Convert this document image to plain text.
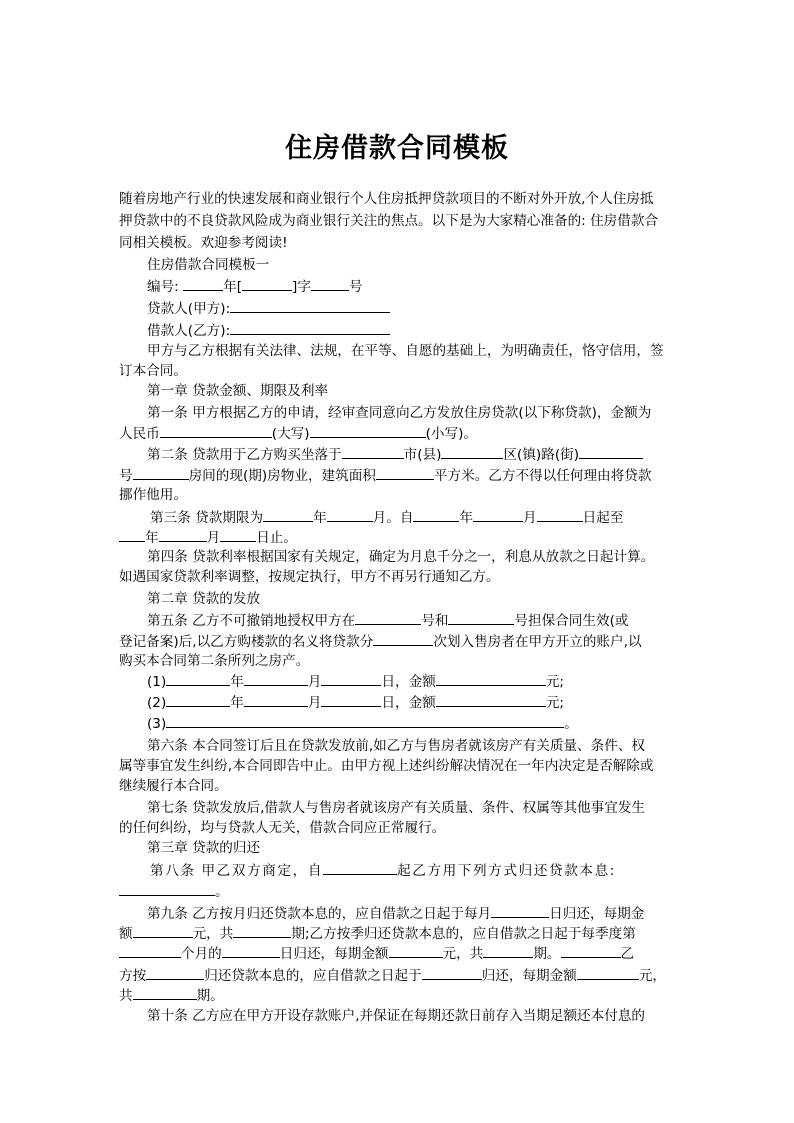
住房借款合同模板
随着房地产行业的快速发展和商业银行个人住房抵押贷款项目的不断对外开放,个人住房抵
押贷款中的不良贷款风险成为商业银行关注的焦点。以下是为大家精心准备的: 住房借款合
同相关模板。欢迎参考阅读!
住房借款合同模板一
编号:	年[	]字	号
贷款人(甲方):
借款人(乙方):
甲方与乙方根据有关法律、法规，在平等、自愿的基础上，为明确责任，恪守信用，签
订本合同。
第一章 贷款金额、期限及利率
第一条 甲方根据乙方的申请，经审查同意向乙方发放住房贷款(以下称贷款)，金额为
人民币	(大写)	(小写)。
第二条 贷款用于乙方购买坐落于	市(县)	区(镇)路(街)
号	房间的现(期)房物业，建筑面积	平方米。乙方不得以任何理由将贷款
挪作他用。
第三条 贷款期限为	年	月。自	年	月	日起至
年	月	日止。
第四条 贷款利率根据国家有关规定，确定为月息千分之一，利息从放款之日起计算。
如遇国家贷款利率调整，按规定执行，甲方不再另行通知乙方。
第二章 贷款的发放
第五条 乙方不可撤销地授权甲方在	号和	号担保合同生效(或
登记备案)后,以乙方购楼款的名义将贷款分	次划入售房者在甲方开立的账户,以
购买本合同第二条所列之房产。
(1)	年	月	日，金额	元;
(2)	年	月	日，金额	元;
(3)	。
第六条 本合同签订后且在贷款发放前,如乙方与售房者就该房产有关质量、条件、权
属等事宜发生纠纷,本合同即告中止。由甲方视上述纠纷解决情况在一年内决定是否解除或
继续履行本合同。
第七条 贷款发放后,借款人与售房者就该房产有关质量、条件、权属等其他事宜发生
的任何纠纷，均与贷款人无关，借款合同应正常履行。
第三章 贷款的归还
第八条 甲乙双方商定，自	起乙方用下列方式归还贷款本息:
。
第九条 乙方按月归还贷款本息的，应自借款之日起于每月	日归还，每期金
额	元，共	期;乙方按季归还贷款本息的，应自借款之日起于每季度第
个月的	日归还，每期金额	元，共	期。	乙
方按	归还贷款本息的，应自借款之日起于	归还，每期金额	元，
共	期。
第十条 乙方应在甲方开设存款账户,并保证在每期还款日前存入当期足额还本付息的
